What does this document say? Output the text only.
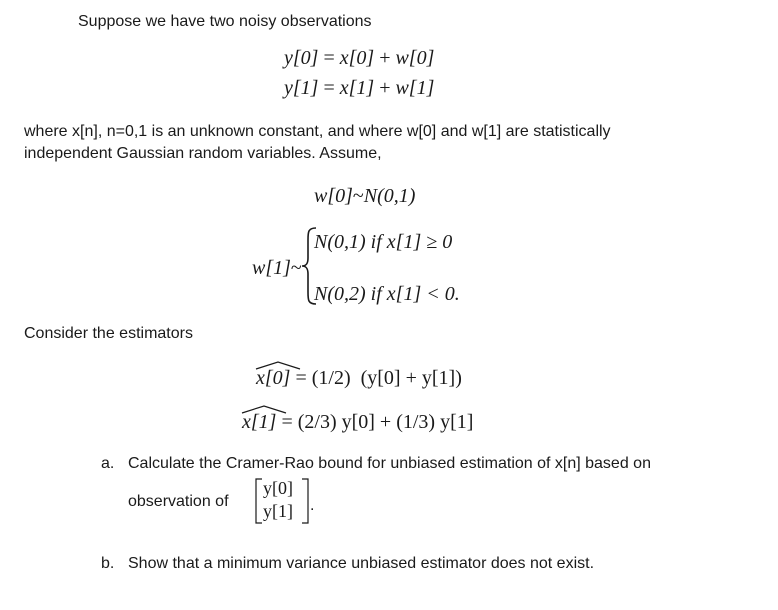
Suppose we have two noisy observations
y[0] = x[0] + w[0]
y[1] = x[1] + w[1]
where x[n], n=0,1 is an unknown constant, and where w[0] and w[1] are statistically
independent Gaussian random variables. Assume,
w[0]~N(0,1)
w[1]~
N(0,1) if x[1] ≥ 0
N(0,2) if x[1] < 0.
Consider the estimators
x[0] = (1/2)  (y[0] + y[1])
x[1] = (2/3) y[0] + (1/3) y[1]
a. Calculate the Cramer-Rao bound for unbiased estimation of x[n] based on
observation of
y[0]
y[1] .
b. Show that a minimum variance unbiased estimator does not exist.
